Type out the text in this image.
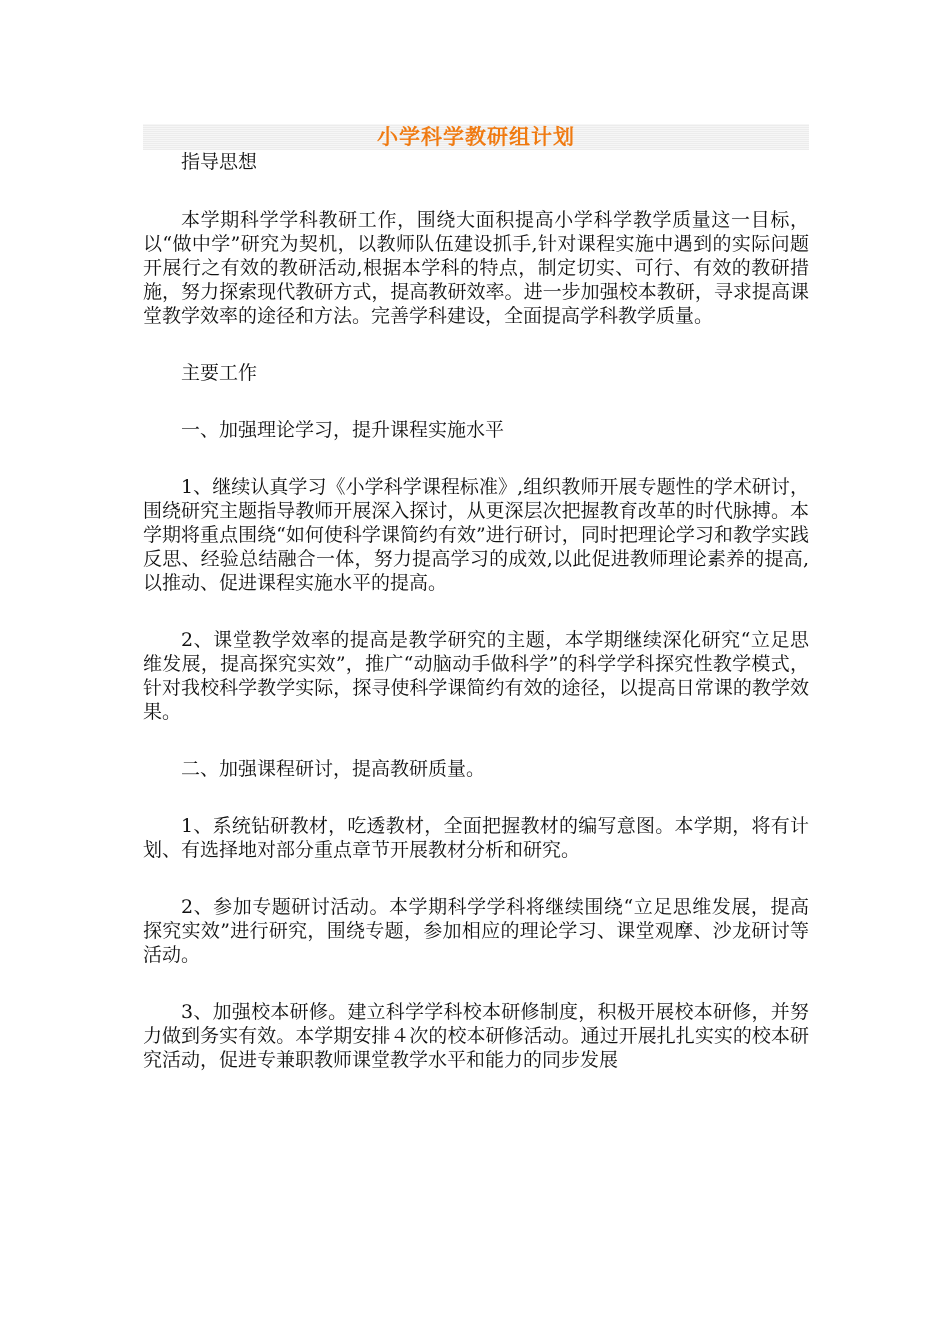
小学科学教研组计划

指导思想

本学期科学学科教研工作，围绕大面积提高小学科学教学质量这一目标，以“做中学”研究为契机，以教师队伍建设抓手,针对课程实施中遇到的实际问题开展行之有效的教研活动,根据本学科的特点，制定切实、可行、有效的教研措施，努力探索现代教研方式，提高教研效率。进一步加强校本教研，寻求提高课堂教学效率的途径和方法。完善学科建设，全面提高学科教学质量。

主要工作

一、加强理论学习，提升课程实施水平

1、继续认真学习《小学科学课程标准》,组织教师开展专题性的学术研讨，围绕研究主题指导教师开展深入探讨，从更深层次把握教育改革的时代脉搏。本学期将重点围绕“如何使科学课简约有效”进行研讨，同时把理论学习和教学实践反思、经验总结融合一体，努力提高学习的成效,以此促进教师理论素养的提高,以推动、促进课程实施水平的提高。

2、课堂教学效率的提高是教学研究的主题，本学期继续深化研究“立足思维发展，提高探究实效”，推广“动脑动手做科学”的科学学科探究性教学模式，针对我校科学教学实际，探寻使科学课简约有效的途径，以提高日常课的教学效果。

二、加强课程研讨，提高教研质量。

1、系统钻研教材，吃透教材，全面把握教材的编写意图。本学期，将有计划、有选择地对部分重点章节开展教材分析和研究。

2、参加专题研讨活动。本学期科学学科将继续围绕“立足思维发展，提高探究实效”进行研究，围绕专题，参加相应的理论学习、课堂观摩、沙龙研讨等活动。

3、加强校本研修。建立科学学科校本研修制度，积极开展校本研修，并努力做到务实有效。本学期安排４次的校本研修活动。通过开展扎扎实实的校本研究活动，促进专兼职教师课堂教学水平和能力的同步发展
